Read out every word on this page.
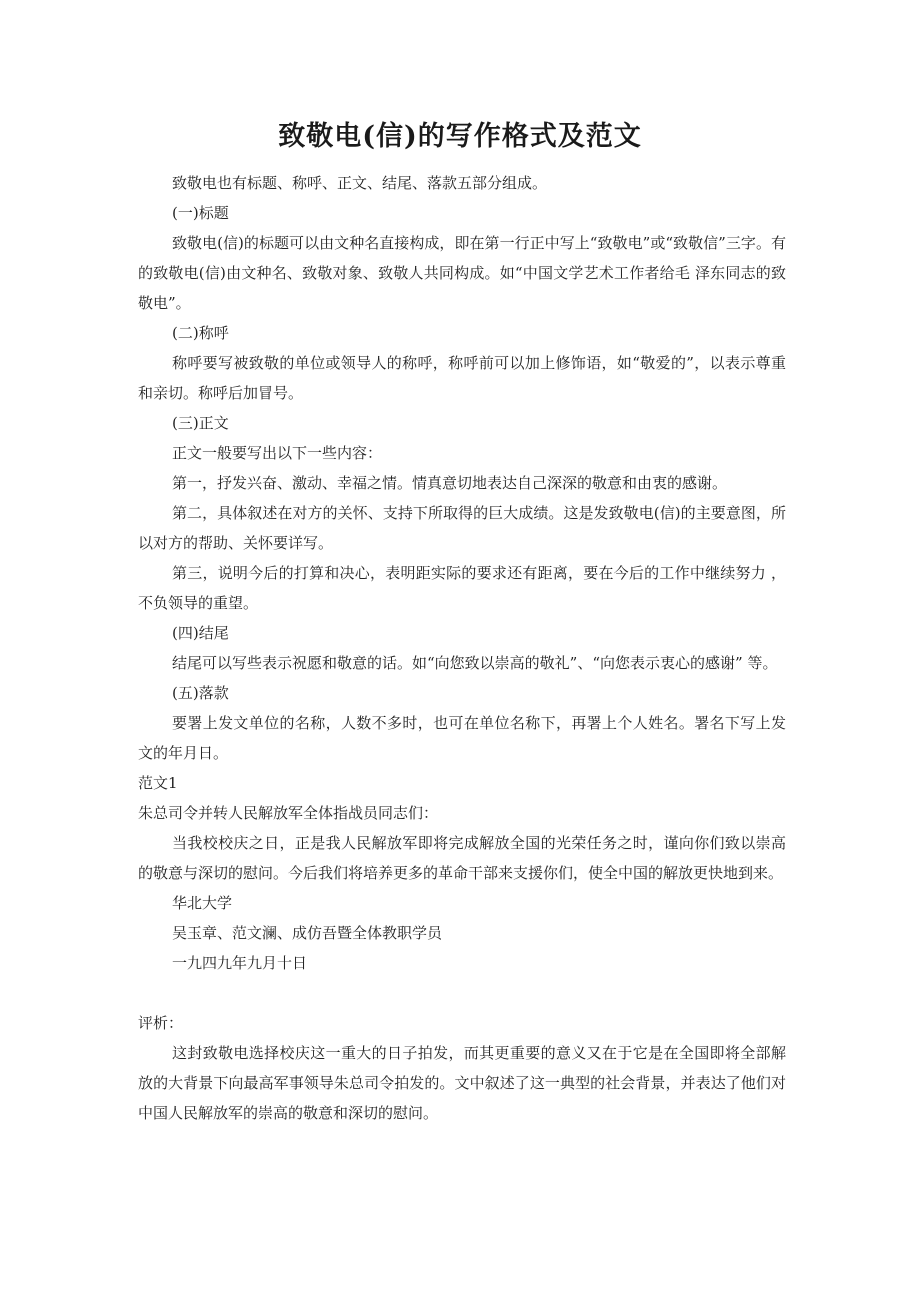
致敬电(信)的写作格式及范文

致敬电也有标题、称呼、正文、结尾、落款五部分组成。

(一)标题

致敬电(信)的标题可以由文种名直接构成，即在第一行正中写上“致敬电”或“致敬信”三字。有的致敬电(信)由文种名、致敬对象、致敬人共同构成。如“中国文学艺术工作者给毛 泽东同志的致敬电”。

(二)称呼

称呼要写被致敬的单位或领导人的称呼，称呼前可以加上修饰语，如“敬爱的”，以表示尊重和亲切。称呼后加冒号。

(三)正文

正文一般要写出以下一些内容：

第一，抒发兴奋、激动、幸福之情。情真意切地表达自己深深的敬意和由衷的感谢。

第二，具体叙述在对方的关怀、支持下所取得的巨大成绩。这是发致敬电(信)的主要意图，所 以对方的帮助、关怀要详写。

第三，说明今后的打算和决心，表明距实际的要求还有距离，要在今后的工作中继续努力 ，不负领导的重望。

(四)结尾

结尾可以写些表示祝愿和敬意的话。如“向您致以崇高的敬礼”、“向您表示衷心的感谢” 等。

(五)落款

要署上发文单位的名称，人数不多时，也可在单位名称下，再署上个人姓名。署名下写上发文的年月日。

范文1

朱总司令并转人民解放军全体指战员同志们：

当我校校庆之日，正是我人民解放军即将完成解放全国的光荣任务之时，谨向你们致以崇高的敬意与深切的慰问。今后我们将培养更多的革命干部来支援你们，使全中国的解放更快地到来。

华北大学

吴玉章、范文澜、成仿吾暨全体教职学员

一九四九年九月十日

评析：

这封致敬电选择校庆这一重大的日子拍发，而其更重要的意义又在于它是在全国即将全部解放的大背景下向最高军事领导朱总司令拍发的。文中叙述了这一典型的社会背景，并表达了他们对中国人民解放军的崇高的敬意和深切的慰问。
